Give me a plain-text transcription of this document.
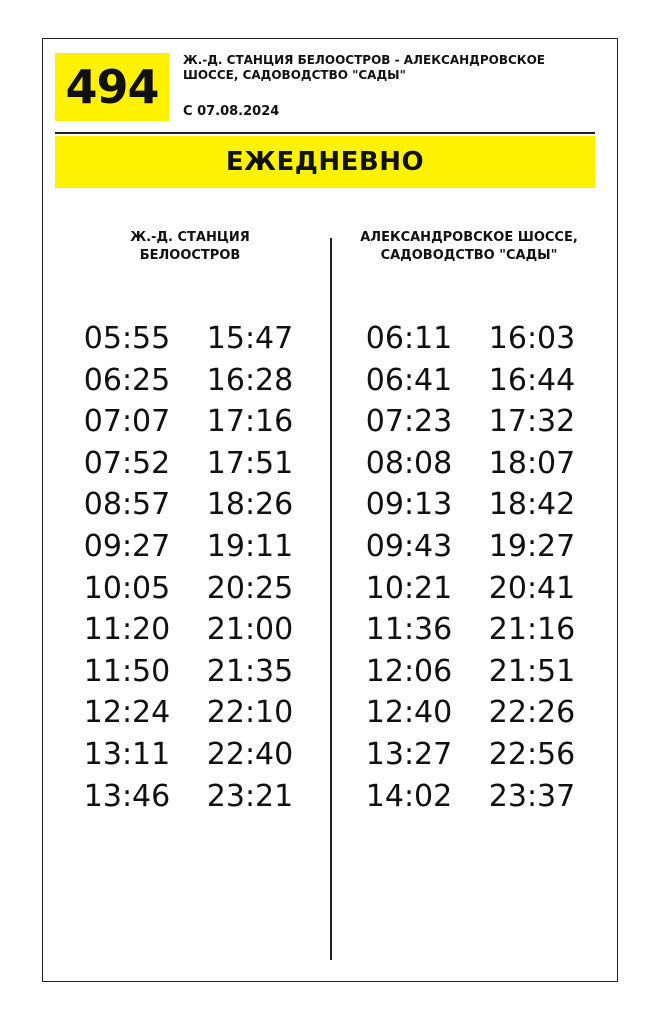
494 Ж.-Д. СТАНЦИЯ БЕЛООСТРОВ - АЛЕКСАНДРОВСКОЕ ШОССЕ, САДОВОДСТВО "САДЫ"
С 07.08.2024
ЕЖЕДНЕВНО
Ж.-Д. СТАНЦИЯ БЕЛООСТРОВ
АЛЕКСАНДРОВСКОЕ ШОССЕ, САДОВОДСТВО "САДЫ"
05:55
06:25
07:07
07:52
08:57
09:27
10:05
11:20
11:50
12:24
13:11
13:46
15:47
16:28
17:16
17:51
18:26
19:11
20:25
21:00
21:35
22:10
22:40
23:21
06:11
06:41
07:23
08:08
09:13
09:43
10:21
11:36
12:06
12:40
13:27
14:02
16:03
16:44
17:32
18:07
18:42
19:27
20:41
21:16
21:51
22:26
22:56
23:37
